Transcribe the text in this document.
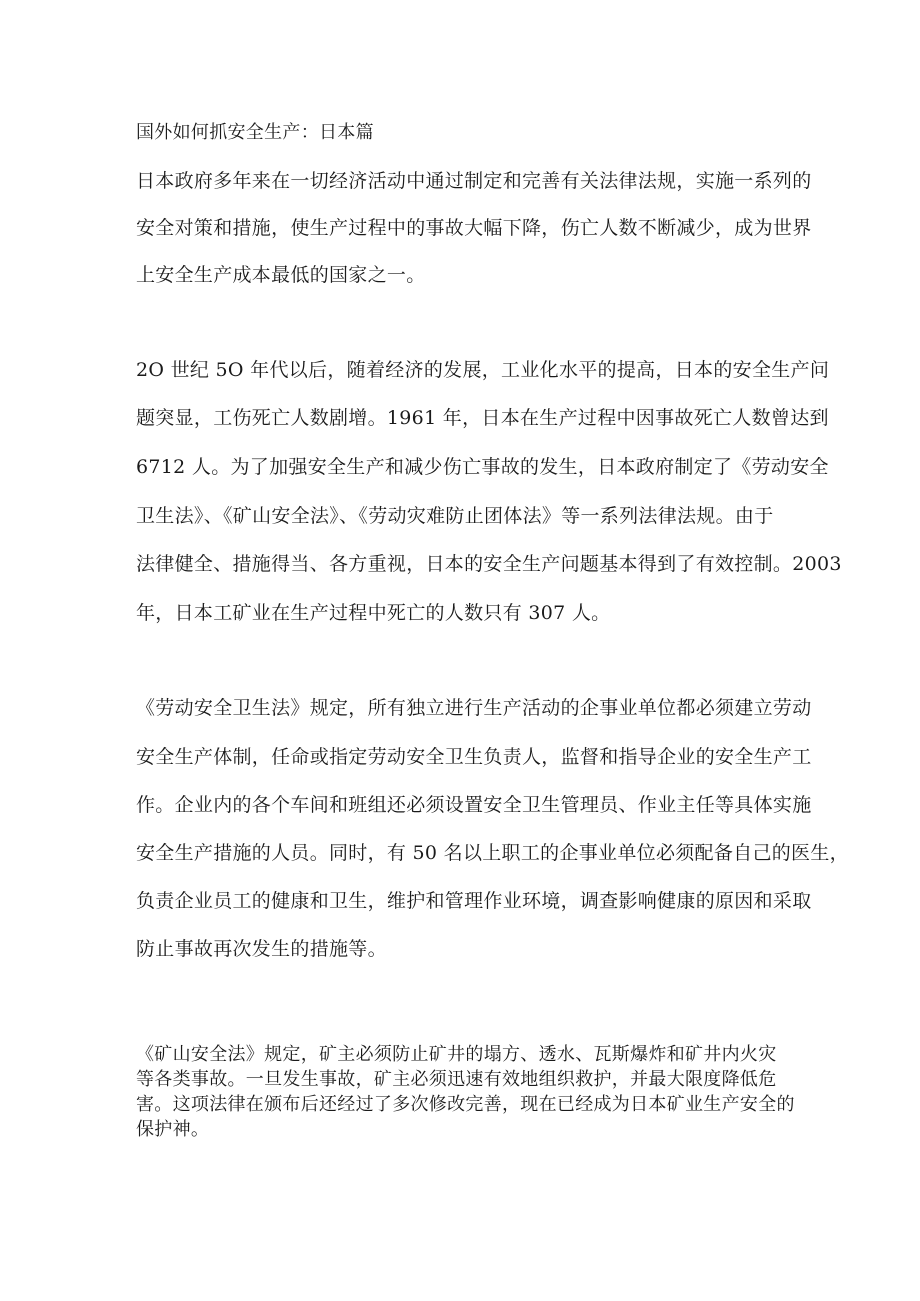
国外如何抓安全生产：日本篇

日本政府多年来在一切经济活动中通过制定和完善有关法律法规，实施一系列的

安全对策和措施，使生产过程中的事故大幅下降，伤亡人数不断减少，成为世界

上安全生产成本最低的国家之一。

2O 世纪 5O 年代以后，随着经济的发展，工业化水平的提高，日本的安全生产问

题突显，工伤死亡人数剧增。1961 年，日本在生产过程中因事故死亡人数曾达到

6712 人。为了加强安全生产和减少伤亡事故的发生，日本政府制定了《劳动安全

卫生法》、《矿山安全法》、《劳动灾难防止团体法》等一系列法律法规。由于

法律健全、措施得当、各方重视，日本的安全生产问题基本得到了有效控制。2003

年，日本工矿业在生产过程中死亡的人数只有 307 人。

《劳动安全卫生法》规定，所有独立进行生产活动的企事业单位都必须建立劳动

安全生产体制，任命或指定劳动安全卫生负责人，监督和指导企业的安全生产工

作。企业内的各个车间和班组还必须设置安全卫生管理员、作业主任等具体实施

安全生产措施的人员。同时，有 50 名以上职工的企事业单位必须配备自己的医生，

负责企业员工的健康和卫生，维护和管理作业环境，调查影响健康的原因和采取

防止事故再次发生的措施等。

《矿山安全法》规定，矿主必须防止矿井的塌方、透水、瓦斯爆炸和矿井内火灾

等各类事故。一旦发生事故，矿主必须迅速有效地组织救护，并最大限度降低危

害。这项法律在颁布后还经过了多次修改完善，现在已经成为日本矿业生产安全的

保护神。
